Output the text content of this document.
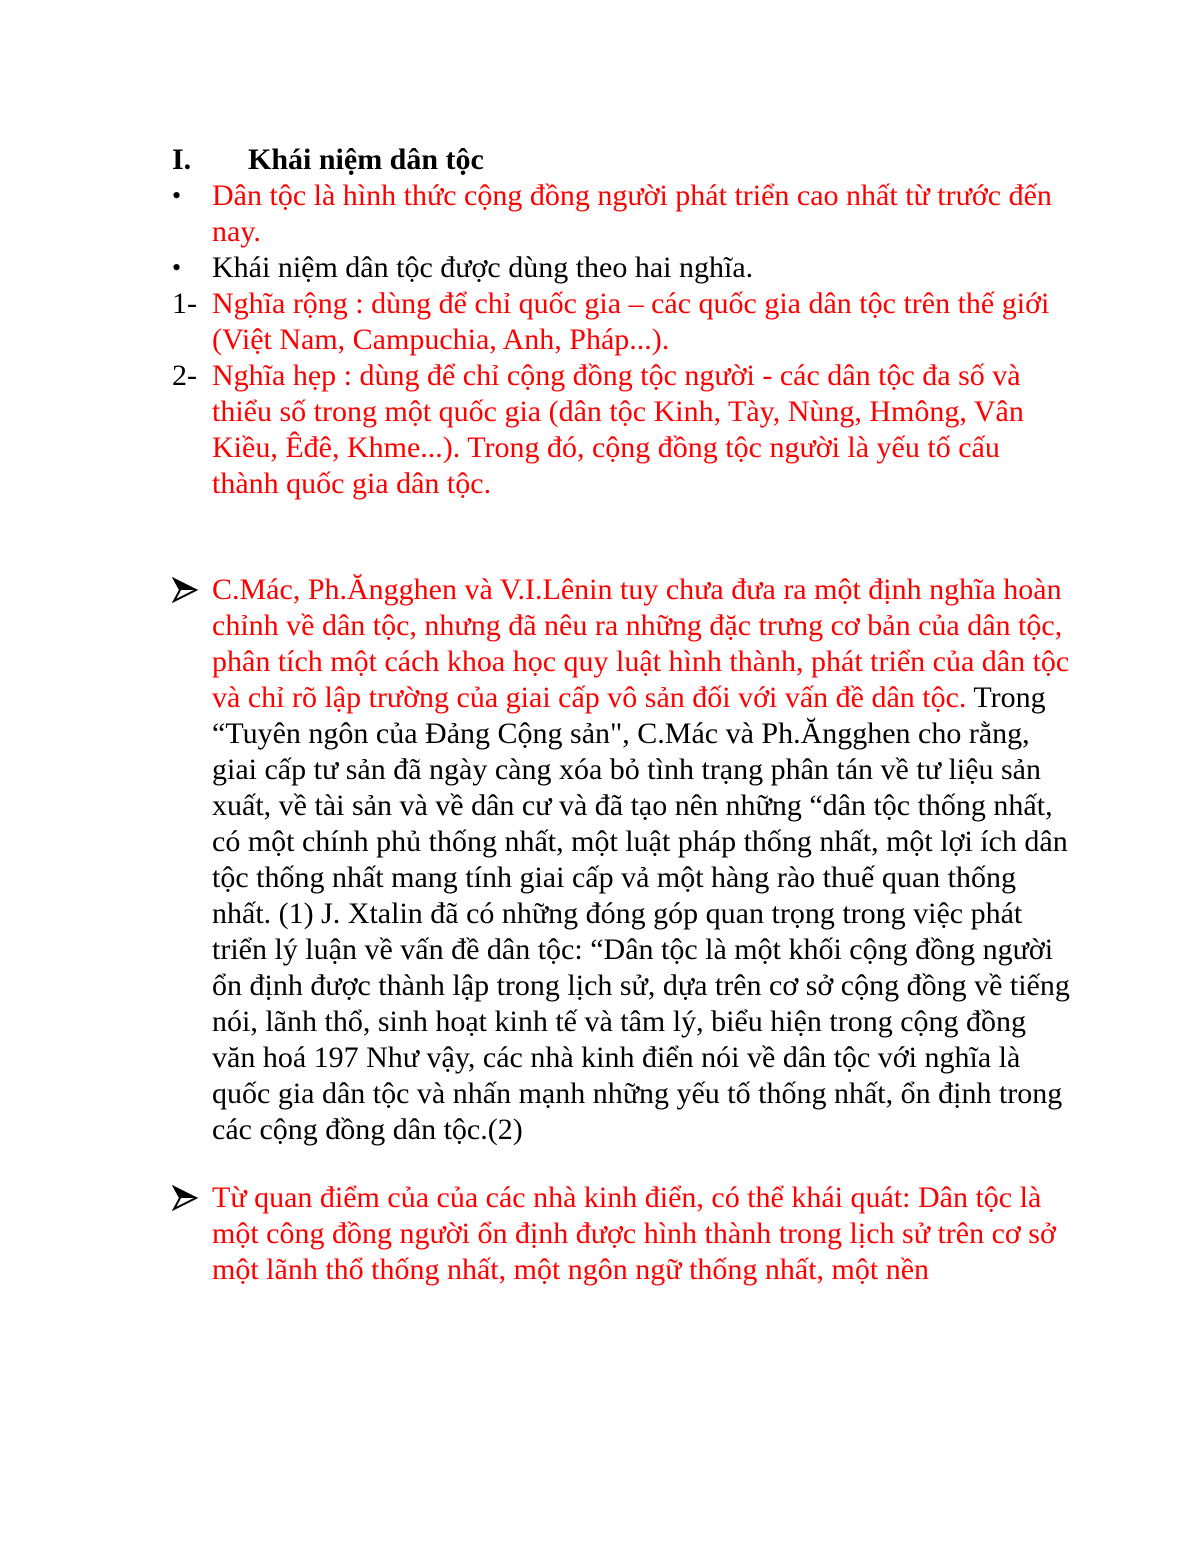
I.	Khái niệm dân tộc
•	Dân tộc là hình thức cộng đồng người phát triển cao nhất từ trước đến nay.
•	Khái niệm dân tộc được dùng theo hai nghĩa.
1- Nghĩa rộng : dùng để chỉ quốc gia – các quốc gia dân tộc trên thế giới (Việt Nam, Campuchia, Anh, Pháp...).
2- Nghĩa hẹp : dùng để chỉ cộng đồng tộc người - các dân tộc đa số và thiểu số trong một quốc gia (dân tộc Kinh, Tày, Nùng, Hmông, Vân Kiều, Êđê, Khme...). Trong đó, cộng đồng tộc người là yếu tố cấu thành quốc gia dân tộc.
C.Mác, Ph.Ăngghen và V.I.Lênin tuy chưa đưa ra một định nghĩa hoàn chỉnh về dân tộc, nhưng đã nêu ra những đặc trưng cơ bản của dân tộc, phân tích một cách khoa học quy luật hình thành, phát triển của dân tộc và chỉ rõ lập trường của giai cấp vô sản đối với vấn đề dân tộc. Trong “Tuyên ngôn của Đảng Cộng sản", C.Mác và Ph.Ăngghen cho rằng, giai cấp tư sản đã ngày càng xóa bỏ tình trạng phân tán về tư liệu sản xuất, về tài sản và về dân cư và đã tạo nên những “dân tộc thống nhất, có một chính phủ thống nhất, một luật pháp thống nhất, một lợi ích dân tộc thống nhất mang tính giai cấp vả một hàng rào thuế quan thống nhất. (1) J. Xtalin đã có những đóng góp quan trọng trong việc phát triển lý luận về vấn đề dân tộc: “Dân tộc là một khối cộng đồng người ổn định được thành lập trong lịch sử, dựa trên cơ sở cộng đồng về tiếng nói, lãnh thổ, sinh hoạt kinh tế và tâm lý, biểu hiện trong cộng đồng văn hoá 197 Như vậy, các nhà kinh điển nói về dân tộc với nghĩa là quốc gia dân tộc và nhấn mạnh những yếu tố thống nhất, ổn định trong các cộng đồng dân tộc.(2)
Từ quan điểm của của các nhà kinh điển, có thể khái quát: Dân tộc là một công đồng người ổn định được hình thành trong lịch sử trên cơ sở một lãnh thổ thống nhất, một ngôn ngữ thống nhất, một nền
